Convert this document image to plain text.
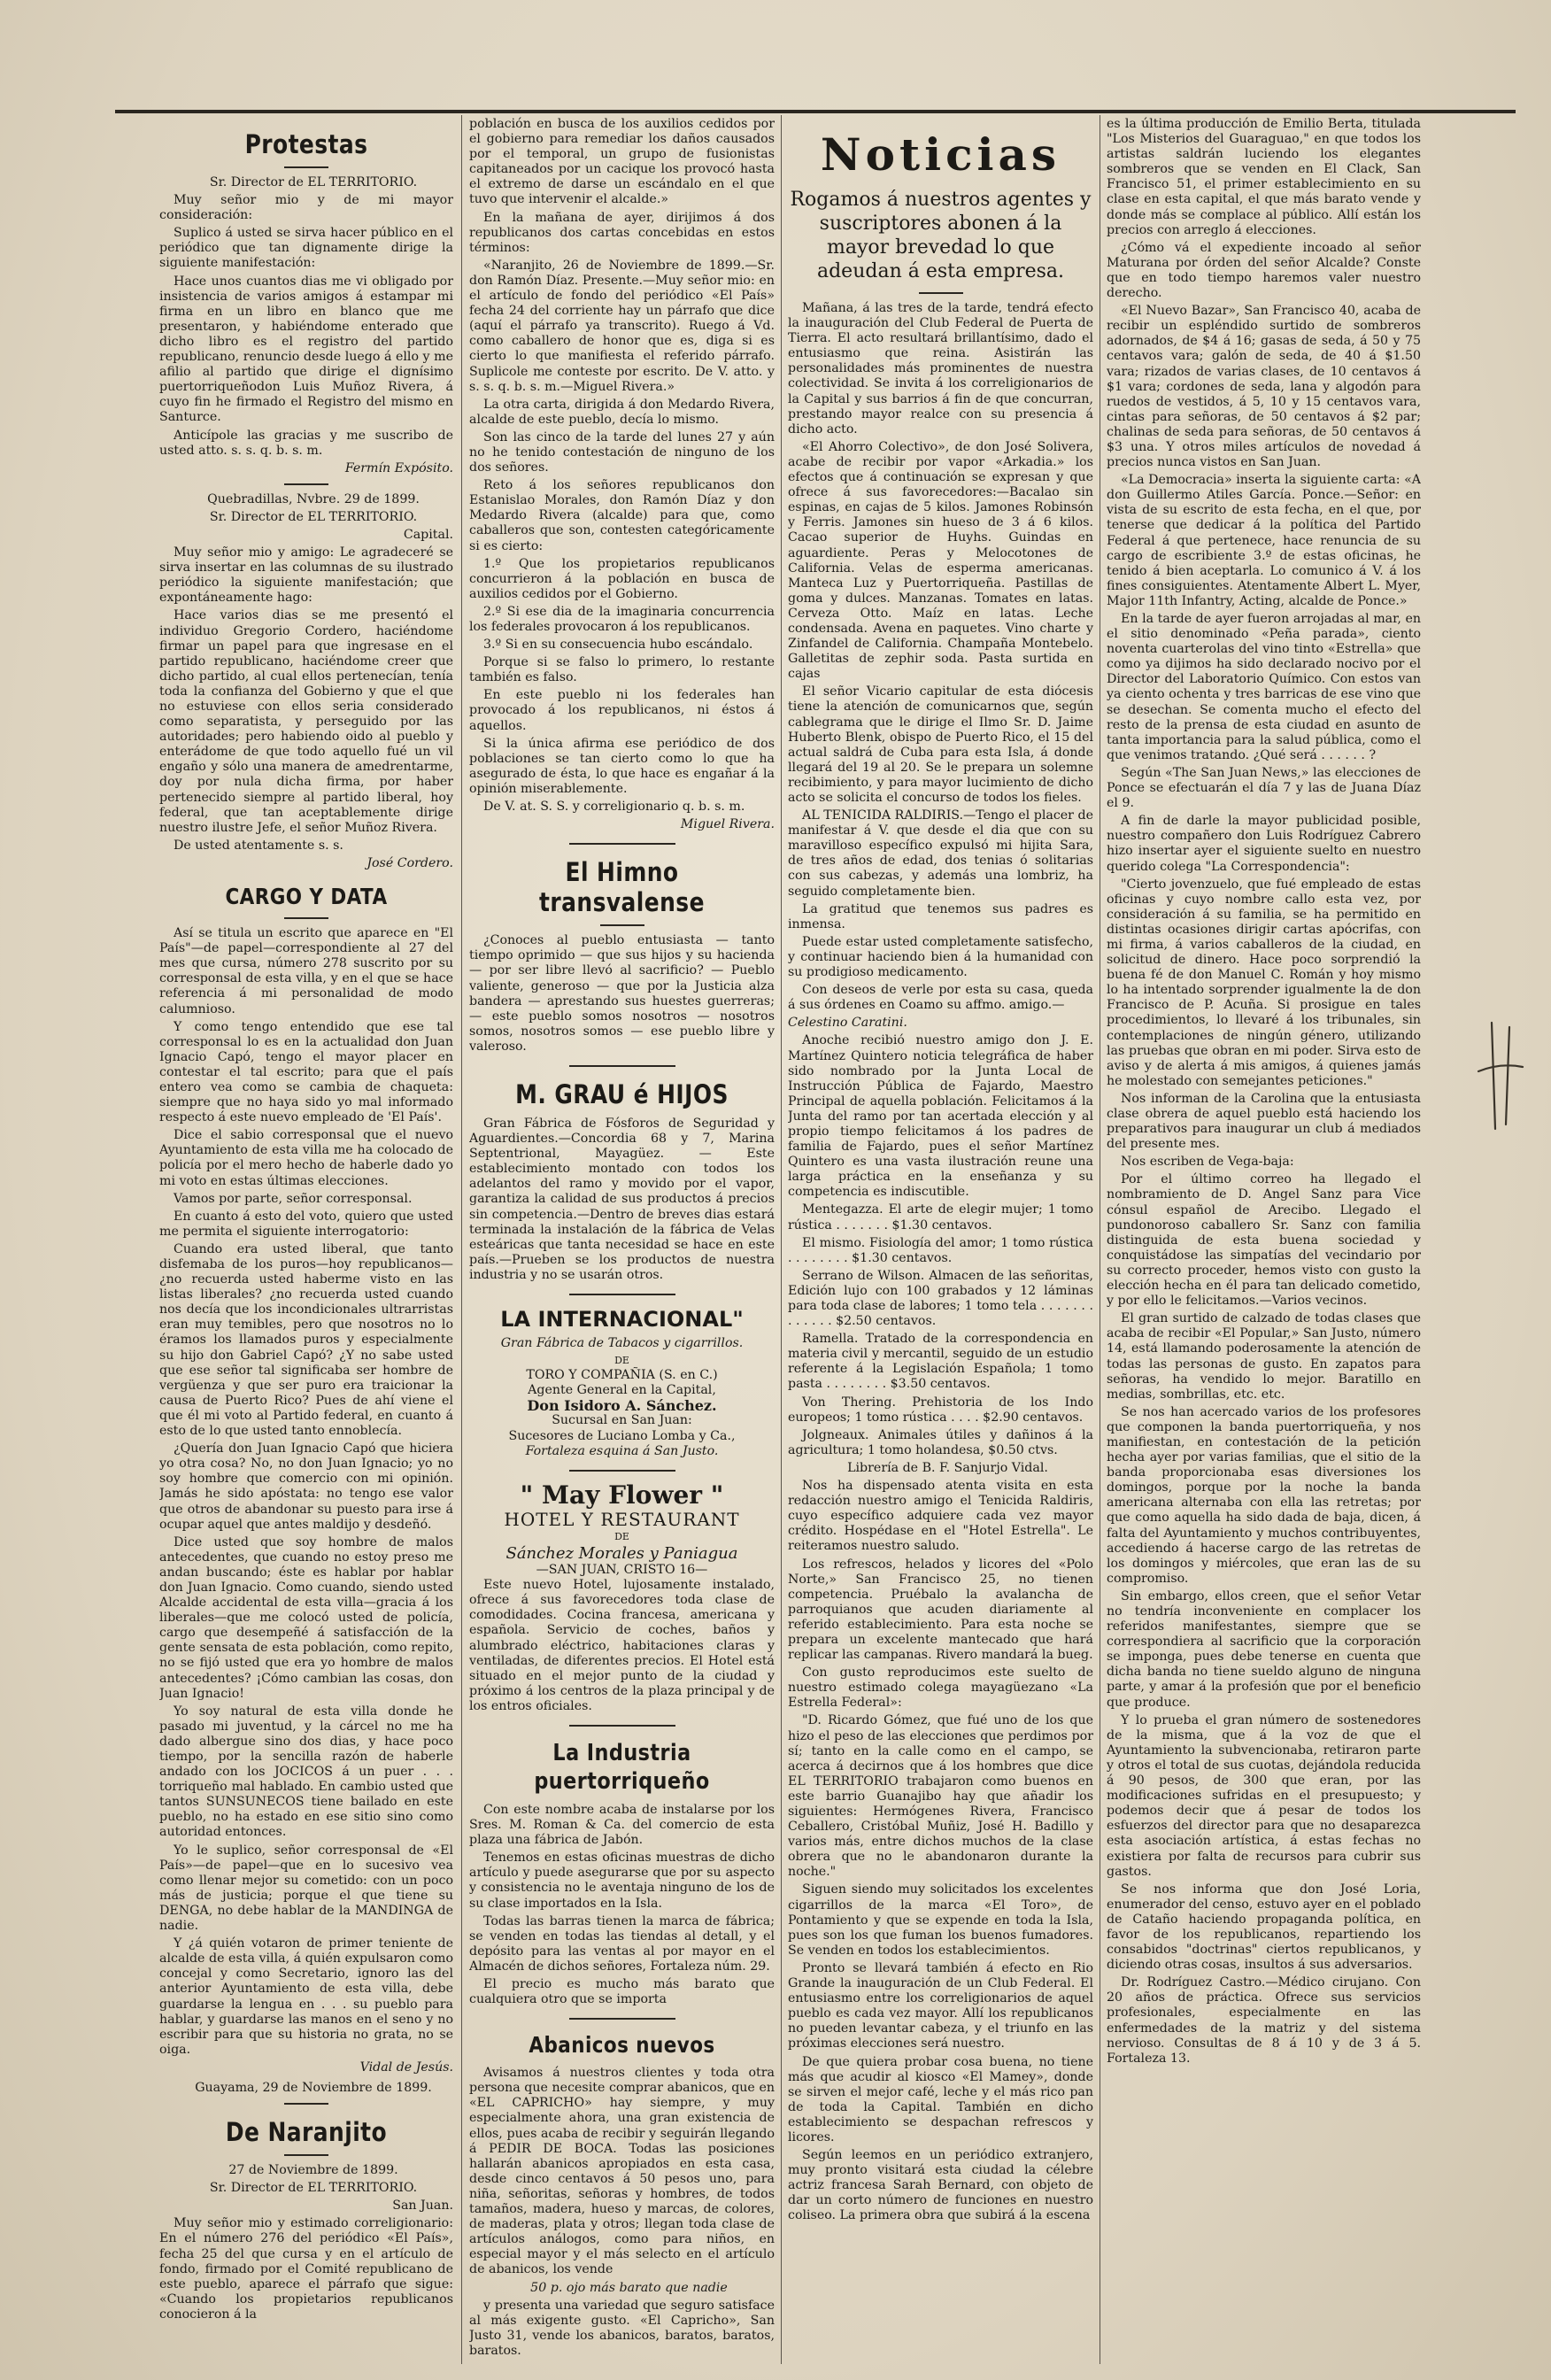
Protestas

Sr. Director de EL TERRITORIO.

Muy señor mio y de mi mayor consideración:

Suplico á usted se sirva hacer público en el periódico que tan dignamente dirige la siguiente manifestación:

Hace unos cuantos dias me vi obligado por insistencia de varios amigos á estampar mi firma en un libro en blanco que me presentaron, y habiéndome enterado que dicho libro es el registro del partido republicano, renuncio desde luego á ello y me afilio al partido que dirige el dignísimo puertorriqueñodon Luis Muñoz Rivera, á cuyo fin he firmado el Registro del mismo en Santurce.

Anticípole las gracias y me suscribo de usted atto. s. s. q. b. s. m.

Fermín Expósito.

Quebradillas, Nvbre. 29 de 1899.

Sr. Director de EL TERRITORIO.

Capital.

Muy señor mio y amigo: Le agradeceré se sirva insertar en las columnas de su ilustrado periódico la siguiente manifestación; que expontáneamente hago:

Hace varios dias se me presentó el individuo Gregorio Cordero, haciéndome firmar un papel para que ingresase en el partido republicano, haciéndome creer que dicho partido, al cual ellos pertenecían, tenía toda la confianza del Gobierno y que el que no estuviese con ellos seria considerado como separatista, y perseguido por las autoridades; pero habiendo oido al pueblo y enterádome de que todo aquello fué un vil engaño y sólo una manera de amedrentarme, doy por nula dicha firma, por haber pertenecido siempre al partido liberal, hoy federal, que tan aceptablemente dirige nuestro ilustre Jefe, el señor Muñoz Rivera.

De usted atentamente s. s.

José Cordero.
CARGO Y DATA

Así se titula un escrito que aparece en "El País"—de papel—correspondiente al 27 del mes que cursa, número 278 suscrito por su corresponsal de esta villa, y en el que se hace referencia á mi personalidad de modo calumnioso.

Y como tengo entendido que ese tal corresponsal lo es en la actualidad don Juan Ignacio Capó, tengo el mayor placer en contestar el tal escrito; para que el país entero vea como se cambia de chaqueta: siempre que no haya sido yo mal informado respecto á este nuevo empleado de 'El País'.

Dice el sabio corresponsal que el nuevo Ayuntamiento de esta villa me ha colocado de policía por el mero hecho de haberle dado yo mi voto en estas últimas elecciones.

Vamos por parte, señor corresponsal.

En cuanto á esto del voto, quiero que usted me permita el siguiente interrogatorio:

Cuando era usted liberal, que tanto disfemaba de los puros—hoy republicanos—¿no recuerda usted haberme visto en las listas liberales? ¿no recuerda usted cuando nos decía que los incondicionales ultrarristas eran muy temibles, pero que nosotros no lo éramos los llamados puros y especialmente su hijo don Gabriel Capó? ¿Y no sabe usted que ese señor tal significaba ser hombre de vergüenza y que ser puro era traicionar la causa de Puerto Rico? Pues de ahí viene el que él mi voto al Partido federal, en cuanto á esto de lo que usted tanto ennoblecía.

¿Quería don Juan Ignacio Capó que hiciera yo otra cosa? No, no don Juan Ignacio; yo no soy hombre que comercio con mi opinión. Jamás he sido apóstata: no tengo ese valor que otros de abandonar su puesto para irse á ocupar aquel que antes maldijo y desdeñó.

Dice usted que soy hombre de malos antecedentes, que cuando no estoy preso me andan buscando; éste es hablar por hablar don Juan Ignacio. Como cuando, siendo usted Alcalde accidental de esta villa—gracia á los liberales—que me colocó usted de policía, cargo que desempeñé á satisfacción de la gente sensata de esta población, como repito, no se fijó usted que era yo hombre de malos antecedentes? ¡Cómo cambian las cosas, don Juan Ignacio!

Yo soy natural de esta villa donde he pasado mi juventud, y la cárcel no me ha dado albergue sino dos dias, y hace poco tiempo, por la sencilla razón de haberle andado con los JOCICOS á un puer . . . torriqueño mal hablado. En cambio usted que tantos SUNSUNECOS tiene bailado en este pueblo, no ha estado en ese sitio sino como autoridad entonces.

Yo le suplico, señor corresponsal de «El País»—de papel—que en lo sucesivo vea como llenar mejor su cometido: con un poco más de justicia; porque el que tiene su DENGA, no debe hablar de la MANDINGA de nadie.

Y ¿á quién votaron de primer teniente de alcalde de esta villa, á quién expulsaron como concejal y como Secretario, ignoro las del anterior Ayuntamiento de esta villa, debe guardarse la lengua en . . . su pueblo para hablar, y guardarse las manos en el seno y no escribir para que su historia no grata, no se oiga.

Vidal de Jesús.

Guayama, 29 de Noviembre de 1899.

De Naranjito

27 de Noviembre de 1899.

Sr. Director de EL TERRITORIO.

San Juan.

Muy señor mio y estimado correligionario: En el número 276 del periódico «El País», fecha 25 del que cursa y en el artículo de fondo, firmado por el Comité republicano de este pueblo, aparece el párrafo que sigue: «Cuando los propietarios republicanos conocieron á la

población en busca de los auxilios cedidos por el gobierno para remediar los daños causados por el temporal, un grupo de fusionistas capitaneados por un cacique los provocó hasta el extremo de darse un escándalo en el que tuvo que intervenir el alcalde.»

En la mañana de ayer, dirijimos á dos republicanos dos cartas concebidas en estos términos:

«Naranjito, 26 de Noviembre de 1899.—Sr. don Ramón Díaz. Presente.—Muy señor mio: en el artículo de fondo del periódico «El País» fecha 24 del corriente hay un párrafo que dice (aquí el párrafo ya transcrito). Ruego á Vd. como caballero de honor que es, diga si es cierto lo que manifiesta el referido párrafo. Suplicole me conteste por escrito. De V. atto. y s. s. q. b. s. m.—Miguel Rivera.»

La otra carta, dirigida á don Medardo Rivera, alcalde de este pueblo, decía lo mismo.

Son las cinco de la tarde del lunes 27 y aún no he tenido contestación de ninguno de los dos señores.

Reto á los señores republicanos don Estanislao Morales, don Ramón Díaz y don Medardo Rivera (alcalde) para que, como caballeros que son, contesten categóricamente si es cierto:

1.º Que los propietarios republicanos concurrieron á la población en busca de auxilios cedidos por el Gobierno.

2.º Si ese dia de la imaginaria concurrencia los federales provocaron á los republicanos.

3.º Si en su consecuencia hubo escándalo.

Porque si se falso lo primero, lo restante también es falso.

En este pueblo ni los federales han provocado á los republicanos, ni éstos á aquellos.

Si la única afirma ese periódico de dos poblaciones se tan cierto como lo que ha asegurado de ésta, lo que hace es engañar á la opinión miserablemente.

De V. at. S. S. y correligionario q. b. s. m.

Miguel Rivera.
El Himno transvalense

¿Conoces al pueblo entusiasta — tanto tiempo oprimido — que sus hijos y su hacienda — por ser libre llevó al sacrificio? — Pueblo valiente, generoso — que por la Justicia alza bandera — aprestando sus huestes guerreras; — este pueblo somos nosotros — nosotros somos, nosotros somos — ese pueblo libre y valeroso.

M. GRAU é HIJOS

Gran Fábrica de Fósforos de Seguridad y Aguardientes.—Concordia 68 y 7, Marina Septentrional, Mayagüez. — Este establecimiento montado con todos los adelantos del ramo y movido por el vapor, garantiza la calidad de sus productos á precios sin competencia.—Dentro de breves dias estará terminada la instalación de la fábrica de Velas esteáricas que tanta necesidad se hace en este país.—Prueben se los productos de nuestra industria y no se usarán otros.

LA INTERNACIONAL"
Gran Fábrica de Tabacos y cigarrillos.
DE
TORO Y COMPAÑIA (S. en C.)
Agente General en la Capital,
Don Isidoro A. Sánchez.
Sucursal en San Juan:
Sucesores de Luciano Lomba y Ca.,
Fortaleza esquina á San Justo.
" May Flower "
HOTEL Y RESTAURANT
DE
Sánchez Morales y Paniagua
—SAN JUAN, CRISTO 16—

Este nuevo Hotel, lujosamente instalado, ofrece á sus favorecedores toda clase de comodidades. Cocina francesa, americana y española. Servicio de coches, baños y alumbrado eléctrico, habitaciones claras y ventiladas, de diferentes precios. El Hotel está situado en el mejor punto de la ciudad y próximo á los centros de la plaza principal y de los entros oficiales.

La Industria puertorriqueño

Con este nombre acaba de instalarse por los Sres. M. Roman & Ca. del comercio de esta plaza una fábrica de Jabón.

Tenemos en estas oficinas muestras de dicho artículo y puede asegurarse que por su aspecto y consistencia no le aventaja ninguno de los de su clase importados en la Isla.

Todas las barras tienen la marca de fábrica; se venden en todas las tiendas al detall, y el depósito para las ventas al por mayor en el Almacén de dichos señores, Fortaleza núm. 29.

El precio es mucho más barato que cualquiera otro que se importa

Abanicos nuevos

Avisamos á nuestros clientes y toda otra persona que necesite comprar abanicos, que en «EL CAPRICHO» hay siempre, y muy especialmente ahora, una gran existencia de ellos, pues acaba de recibir y seguirán llegando á PEDIR DE BOCA. Todas las posiciones hallarán abanicos apropiados en esta casa, desde cinco centavos á 50 pesos uno, para niña, señoritas, señoras y hombres, de todos tamaños, madera, hueso y marcas, de colores, de maderas, plata y otros; llegan toda clase de artículos análogos, como para niños, en especial mayor y el más selecto en el artículo de abanicos, los vende

50 p. ojo más barato que nadie

y presenta una variedad que seguro satisface al más exigente gusto. «El Capricho», San Justo 31, vende los abanicos, baratos, baratos, baratos.

Noticias
Rogamos á nuestros agentes y suscriptores abonen á la mayor brevedad lo que adeudan á esta empresa.

Mañana, á las tres de la tarde, tendrá efecto la inauguración del Club Federal de Puerta de Tierra. El acto resultará brillantísimo, dado el entusiasmo que reina. Asistirán las personalidades más prominentes de nuestra colectividad. Se invita á los correligionarios de la Capital y sus barrios á fin de que concurran, prestando mayor realce con su presencia á dicho acto.

«El Ahorro Colectivo», de don José Solivera, acabe de recibir por vapor «Arkadia.» los efectos que á continuación se expresan y que ofrece á sus favorecedores:—Bacalao sin espinas, en cajas de 5 kilos. Jamones Robinsón y Ferris. Jamones sin hueso de 3 á 6 kilos. Cacao superior de Huyhs. Guindas en aguardiente. Peras y Melocotones de California. Velas de esperma americanas. Manteca Luz y Puertorriqueña. Pastillas de goma y dulces. Manzanas. Tomates en latas. Cerveza Otto. Maíz en latas. Leche condensada. Avena en paquetes. Vino charte y Zinfandel de California. Champaña Montebelo. Galletitas de zephir soda. Pasta surtida en cajas

El señor Vicario capitular de esta diócesis tiene la atención de comunicarnos que, según cablegrama que le dirige el Ilmo Sr. D. Jaime Huberto Blenk, obispo de Puerto Rico, el 15 del actual saldrá de Cuba para esta Isla, á donde llegará del 19 al 20. Se le prepara un solemne recibimiento, y para mayor lucimiento de dicho acto se solicita el concurso de todos los fieles.

AL TENICIDA RALDIRIS.—Tengo el placer de manifestar á V. que desde el dia que con su maravilloso específico expulsó mi hijita Sara, de tres años de edad, dos tenias ó solitarias con sus cabezas, y además una lombriz, ha seguido completamente bien.

La gratitud que tenemos sus padres es inmensa.

Puede estar usted completamente satisfecho, y continuar haciendo bien á la humanidad con su prodigioso medicamento.

Con deseos de verle por esta su casa, queda á sus órdenes en Coamo su affmo. amigo.—

Celestino Caratini.

Anoche recibió nuestro amigo don J. E. Martínez Quintero noticia telegráfica de haber sido nombrado por la Junta Local de Instrucción Pública de Fajardo, Maestro Principal de aquella población. Felicitamos á la Junta del ramo por tan acertada elección y al propio tiempo felicitamos á los padres de familia de Fajardo, pues el señor Martínez Quintero es una vasta ilustración reune una larga práctica en la enseñanza y su competencia es indiscutible.

Mentegazza. El arte de elegir mujer; 1 tomo rústica . . . . . . . $1.30 centavos.

El mismo. Fisiología del amor; 1 tomo rústica . . . . . . . . $1.30 centavos.

Serrano de Wilson. Almacen de las señoritas, Edición lujo con 100 grabados y 12 láminas para toda clase de labores; 1 tomo tela . . . . . . . . . . . . . $2.50 centavos.

Ramella. Tratado de la correspondencia en materia civil y mercantil, seguido de un estudio referente á la Legislación Española; 1 tomo pasta . . . . . . . . $3.50 centavos.

Von Thering. Prehistoria de los Indo europeos; 1 tomo rústica . . . . $2.90 centavos.

Jolgneaux. Animales útiles y dañinos á la agricultura; 1 tomo holandesa, $0.50 ctvs.

Librería de B. F. Sanjurjo Vidal.

Nos ha dispensado atenta visita en esta redacción nuestro amigo el Tenicida Raldiris, cuyo específico adquiere cada vez mayor crédito. Hospédase en el "Hotel Estrella". Le reiteramos nuestro saludo.

Los refrescos, helados y licores del «Polo Norte,» San Francisco 25, no tienen competencia. Pruébalo la avalancha de parroquianos que acuden diariamente al referido establecimiento. Para esta noche se prepara un excelente mantecado que hará replicar las campanas. Rivero mandará la bueg.

Con gusto reproducimos este suelto de nuestro estimado colega mayagüezano «La Estrella Federal»:

"D. Ricardo Gómez, que fué uno de los que hizo el peso de las elecciones que perdimos por sí; tanto en la calle como en el campo, se acerca á decirnos que á los hombres que dice EL TERRITORIO trabajaron como buenos en este barrio Guanajibo hay que añadir los siguientes: Hermógenes Rivera, Francisco Ceballero, Cristóbal Muñiz, José H. Badillo y varios más, entre dichos muchos de la clase obrera que no le abandonaron durante la noche."

Siguen siendo muy solicitados los excelentes cigarrillos de la marca «El Toro», de Pontamiento y que se expende en toda la Isla, pues son los que fuman los buenos fumadores. Se venden en todos los establecimientos.

Pronto se llevará también á efecto en Rio Grande la inauguración de un Club Federal. El entusiasmo entre los correligionarios de aquel pueblo es cada vez mayor. Allí los republicanos no pueden levantar cabeza, y el triunfo en las próximas elecciones será nuestro.

De que quiera probar cosa buena, no tiene más que acudir al kiosco «El Mamey», donde se sirven el mejor café, leche y el más rico pan de toda la Capital. También en dicho establecimiento se despachan refrescos y licores.

Según leemos en un periódico extranjero, muy pronto visitará esta ciudad la célebre actriz francesa Sarah Bernard, con objeto de dar un corto número de funciones en nuestro coliseo. La primera obra que subirá á la escena

es la última producción de Emilio Berta, titulada "Los Misterios del Guaraguao," en que todos los artistas saldrán luciendo los elegantes sombreros que se venden en El Clack, San Francisco 51, el primer establecimiento en su clase en esta capital, el que más barato vende y donde más se complace al público. Allí están los precios con arreglo á elecciones.

¿Cómo vá el expediente incoado al señor Maturana por órden del señor Alcalde? Conste que en todo tiempo haremos valer nuestro derecho.

«El Nuevo Bazar», San Francisco 40, acaba de recibir un espléndido surtido de sombreros adornados, de $4 á 16; gasas de seda, á 50 y 75 centavos vara; galón de seda, de 40 á $1.50 vara; rizados de varias clases, de 10 centavos á $1 vara; cordones de seda, lana y algodón para ruedos de vestidos, á 5, 10 y 15 centavos vara, cintas para señoras, de 50 centavos á $2 par; chalinas de seda para señoras, de 50 centavos á $3 una. Y otros miles artículos de novedad á precios nunca vistos en San Juan.

«La Democracia» inserta la siguiente carta: «A don Guillermo Atiles García. Ponce.—Señor: en vista de su escrito de esta fecha, en el que, por tenerse que dedicar á la política del Partido Federal á que pertenece, hace renuncia de su cargo de escribiente 3.º de estas oficinas, he tenido á bien aceptarla. Lo comunico á V. á los fines consiguientes. Atentamente Albert L. Myer, Major 11th Infantry, Acting, alcalde de Ponce.»

En la tarde de ayer fueron arrojadas al mar, en el sitio denominado «Peña parada», ciento noventa cuarterolas del vino tinto «Estrella» que como ya dijimos ha sido declarado nocivo por el Director del Laboratorio Químico. Con estos van ya ciento ochenta y tres barricas de ese vino que se desechan. Se comenta mucho el efecto del resto de la prensa de esta ciudad en asunto de tanta importancia para la salud pública, como el que venimos tratando. ¿Qué será . . . . . . ?

Según «The San Juan News,» las elecciones de Ponce se efectuarán el día 7 y las de Juana Díaz el 9.

A fin de darle la mayor publicidad posible, nuestro compañero don Luis Rodríguez Cabrero hizo insertar ayer el siguiente suelto en nuestro querido colega "La Correspondencia":

"Cierto jovenzuelo, que fué empleado de estas oficinas y cuyo nombre callo esta vez, por consideración á su familia, se ha permitido en distintas ocasiones dirigir cartas apócrifas, con mi firma, á varios caballeros de la ciudad, en solicitud de dinero. Hace poco sorprendió la buena fé de don Manuel C. Román y hoy mismo lo ha intentado sorprender igualmente la de don Francisco de P. Acuña. Si prosigue en tales procedimientos, lo llevaré á los tribunales, sin contemplaciones de ningún género, utilizando las pruebas que obran en mi poder. Sirva esto de aviso y de alerta á mis amigos, á quienes jamás he molestado con semejantes peticiones."

Nos informan de la Carolina que la entusiasta clase obrera de aquel pueblo está haciendo los preparativos para inaugurar un club á mediados del presente mes.

Nos escriben de Vega-baja:

Por el último correo ha llegado el nombramiento de D. Angel Sanz para Vice cónsul español de Arecibo. Llegado el pundonoroso caballero Sr. Sanz con familia distinguida de esta buena sociedad y conquistádose las simpatías del vecindario por su correcto proceder, hemos visto con gusto la elección hecha en él para tan delicado cometido, y por ello le felicitamos.—Varios vecinos.

El gran surtido de calzado de todas clases que acaba de recibir «El Popular,» San Justo, número 14, está llamando poderosamente la atención de todas las personas de gusto. En zapatos para señoras, ha vendido lo mejor. Baratillo en medias, sombrillas, etc. etc.

Se nos han acercado varios de los profesores que componen la banda puertorriqueña, y nos manifiestan, en contestación de la petición hecha ayer por varias familias, que el sitio de la banda proporcionaba esas diversiones los domingos, porque por la noche la banda americana alternaba con ella las retretas; por que como aquella ha sido dada de baja, dicen, á falta del Ayuntamiento y muchos contribuyentes, accediendo á hacerse cargo de las retretas de los domingos y miércoles, que eran las de su compromiso.

Sin embargo, ellos creen, que el señor Vetar no tendría inconveniente en complacer los referidos manifestantes, siempre que se correspondiera al sacrificio que la corporación se imponga, pues debe tenerse en cuenta que dicha banda no tiene sueldo alguno de ninguna parte, y amar á la profesión que por el beneficio que produce.

Y lo prueba el gran número de sostenedores de la misma, que á la voz de que el Ayuntamiento la subvencionaba, retiraron parte y otros el total de sus cuotas, dejándola reducida á 90 pesos, de 300 que eran, por las modificaciones sufridas en el presupuesto; y podemos decir que á pesar de todos los esfuerzos del director para que no desaparezca esta asociación artística, á estas fechas no existiera por falta de recursos para cubrir sus gastos.

Se nos informa que don José Loria, enumerador del censo, estuvo ayer en el poblado de Cataño haciendo propaganda política, en favor de los republicanos, repartiendo los consabidos "doctrinas" ciertos republicanos, y diciendo otras cosas, insultos á sus adversarios.

Dr. Rodríguez Castro.—Médico cirujano. Con 20 años de práctica. Ofrece sus servicios profesionales, especialmente en las enfermedades de la matriz y del sistema nervioso. Consultas de 8 á 10 y de 3 á 5. Fortaleza 13.
